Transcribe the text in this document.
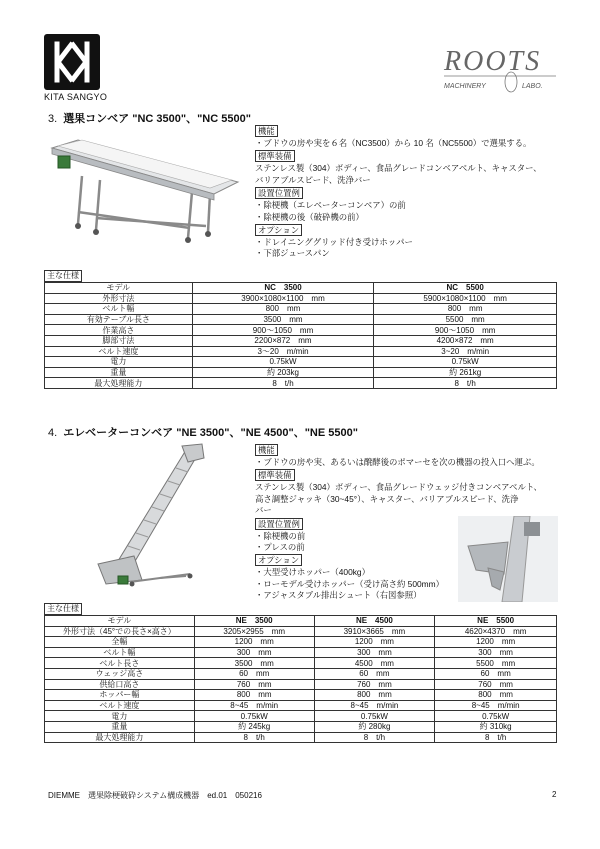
KITA SANGYO
ROOTS
MACHINERY	LABO.
3. 選果コンベア "NC 3500"、"NC 5500"
機能
・ブドウの房や実を６名（NC3500）から 10 名（NC5500）で選果する。
標準装備
ステンレス製（304）ボディー、食品グレードコンベアベルト、キャスター、
バリアブルスピード、洗浄バー
設置位置例
・除梗機（エレベーターコンベア）の前
・除梗機の後（破砕機の前）
オプション
・ドレイニンググリッド付き受けホッパー
・下部ジュースパン
主な仕様
モデル	NC　3500	NC　5500
外形寸法	3900×1080×1100　mm	5900×1080×1100　mm
ベルト幅	800　mm	800　mm
有効テーブル長さ	3500　mm	5500　mm
作業高さ	900～1050　mm	900～1050　mm
脚部寸法	2200×872　mm	4200×872　mm
ベルト速度	3～20　m/min	3~20　m/min
電力	0.75kW	0.75kW
重量	約 203kg	約 261kg
最大処理能力	8　t/h	8　t/h
4. エレベーターコンベア "NE 3500"、"NE 4500"、"NE 5500"
機能
・ブドウの房や実、あるいは醗酵後のポマーセを次の機器の投入口へ運ぶ。
標準装備
ステンレス製（304）ボディー、食品グレードウェッジ付きコンベアベルト、
高さ調整ジャッキ（30~45°）、キャスター、バリアブルスピード、洗浄
バー
設置位置例
・除梗機の前
・プレスの前
オプション
・大型受けホッパー（400kg）
・ローモデル受けホッパー（受け高さ約 500mm）
・アジャスタブル排出シュート（右図参照）
主な仕様
モデル	NE　3500	NE　4500	NE　5500
外形寸法（45°での長さ×高さ）	3205×2955　mm	3910×3665　mm	4620×4370　mm
全幅	1200　mm	1200　mm	1200　mm
ベルト幅	300　mm	300　mm	300　mm
ベルト長さ	3500　mm	4500　mm	5500　mm
ウェッジ高さ	60　mm	60　mm	60　mm
供給口高さ	760　mm	760　mm	760　mm
ホッパー幅	800　mm	800　mm	800　mm
ベルト速度	8~45　m/min	8~45　m/min	8~45　m/min
電力	0.75kW	0.75kW	0.75kW
重量	約 245kg	約 280kg	約 310kg
最大処理能力	8　t/h	8　t/h	8　t/h
DIEMME　選果除梗破砕システム構成機器　ed.01　050216	2
